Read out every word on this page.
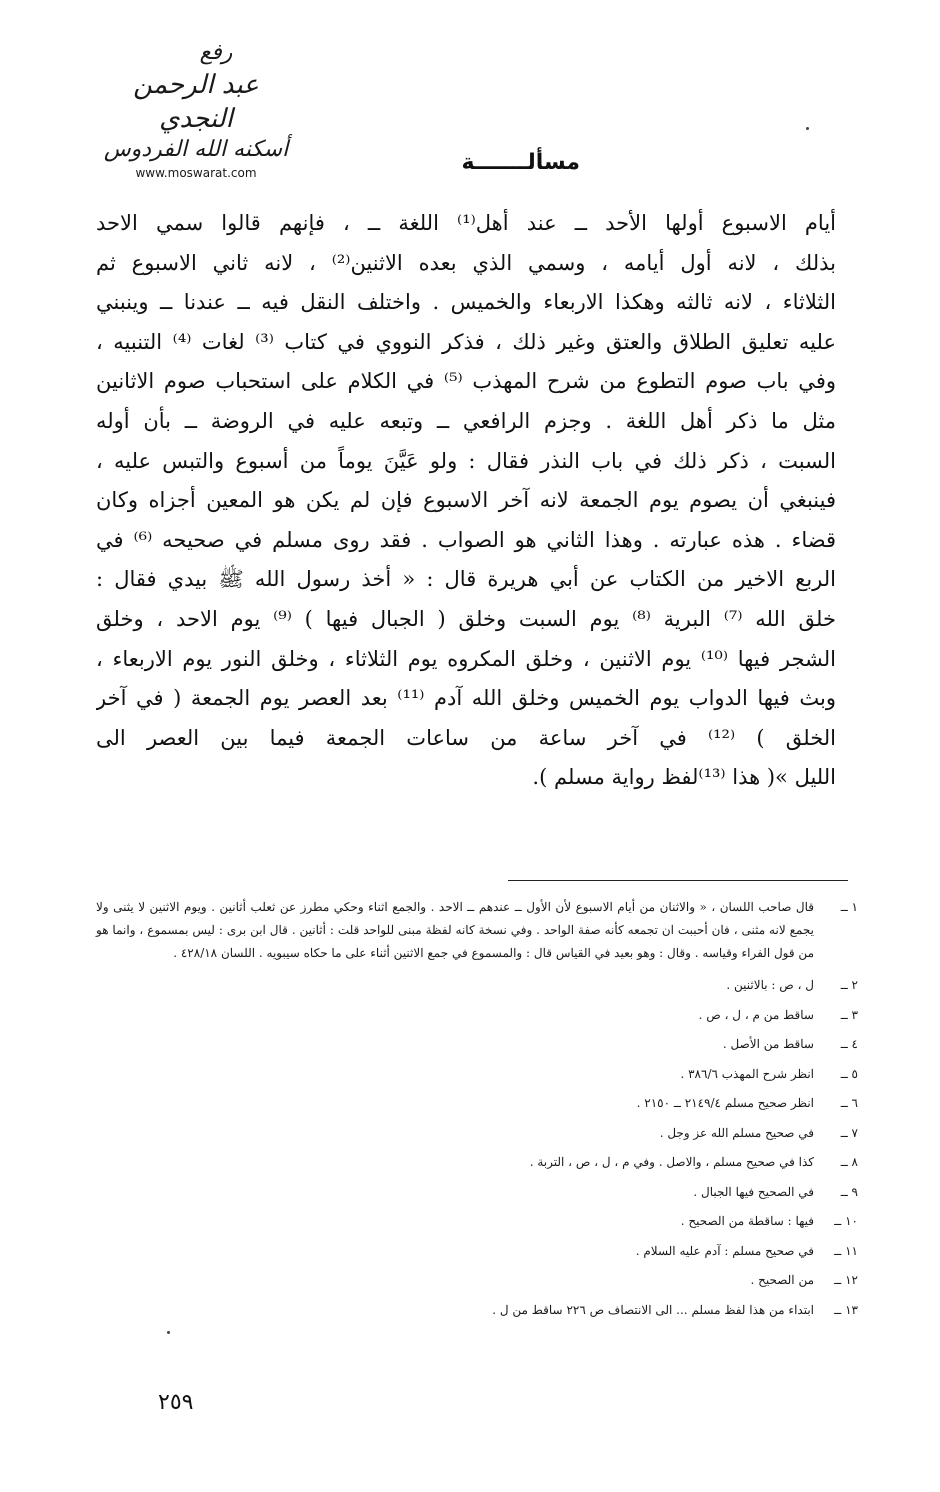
رفع
عبد الرحمن النجدي
أسكنه الله الفردوس
www.moswarat.com	مسألـــــــة
أيام الاسبوع أولها الأحد ــ عند أهل⁽¹⁾ اللغة ــ ، فإنهم قالوا سمي الاحد
بذلك ، لانه أول أيامه ، وسمي الذي بعده الاثنين⁽²⁾ ، لانه ثاني الاسبوع ثم
الثلاثاء ، لانه ثالثه وهكذا الاربعاء والخميس . واختلف النقل فيه ــ عندنا ــ وينبني
عليه تعليق الطلاق والعتق وغير ذلك ، فذكر النووي في كتاب ⁽³⁾ لغات ⁽⁴⁾ التنبيه ،
وفي باب صوم التطوع من شرح المهذب ⁽⁵⁾ في الكلام على استحباب صوم الاثانين
مثل ما ذكر أهل اللغة . وجزم الرافعي ــ وتبعه عليه في الروضة ــ بأن أوله
السبت ، ذكر ذلك في باب النذر فقال : ولو عَيَّنَ يوماً من أسبوع والتبس عليه ،
فينبغي أن يصوم يوم الجمعة لانه آخر الاسبوع فإن لم يكن هو المعين أجزاه وكان
قضاء . هذه عبارته . وهذا الثاني هو الصواب . فقد روى مسلم في صحيحه ⁽⁶⁾ في
الربع الاخير من الكتاب عن أبي هريرة قال : « أخذ رسول الله ﷺ بيدي فقال :
خلق الله ⁽⁷⁾ البرية ⁽⁸⁾ يوم السبت وخلق ( الجبال فيها ) ⁽⁹⁾ يوم الاحد ، وخلق
الشجر فيها ⁽¹⁰⁾ يوم الاثنين ، وخلق المكروه يوم الثلاثاء ، وخلق النور يوم الاربعاء ،
وبث فيها الدواب يوم الخميس وخلق الله آدم ⁽¹¹⁾ بعد العصر يوم الجمعة ( في آخر
الخلق ) ⁽¹²⁾ في آخر ساعة من ساعات الجمعة فيما بين العصر الى
الليل »( هذا ⁽¹³⁾لفظ رواية مسلم ).
١ ــ
قال صاحب اللسان ، « والاثنان من أيام الاسبوع لأن الأول ــ عندهم ــ الاحد . والجمع اثناء وحكي مطرز عن ثعلب أثانين . ويوم الاثنين لا يثنى ولا يجمع لانه مثنى ، فان أحببت ان تجمعه كأنه صفة الواحد . وفي نسخة كانه لفظة مبنى للواحد قلت : أثانين . قال ابن برى : ليس بمسموع ، وانما هو من قول الفراء وقياسه . وقال : وهو بعيد في القياس قال : والمسموع في جمع الاثنين أثناء على ما حكاه سيبويه . اللسان ٤٢٨/١٨ .
٢ ــ
ل ، ص : بالاثنين .
٣ ــ
ساقط من م ، ل ، ص .
٤ ــ
ساقط من الأصل .
٥ ــ
انظر شرح المهذب ٣٨٦/٦ .
٦ ــ
انظر صحيح مسلم ٢١٤٩/٤ ــ ٢١٥٠ .
٧ ــ
في صحيح مسلم الله عز وجل .
٨ ــ
كذا في صحيح مسلم ، والاصل . وفي م ، ل ، ص ، التربة .
٩ ــ
في الصحيح فيها الجبال .
١٠ ــ
فيها : ساقطة من الصحيح .
١١ ــ
في صحيح مسلم : آدم عليه السلام .
١٢ ــ
من الصحيح .
١٣ ــ
ابتداء من هذا لفظ مسلم ... الى الانتصاف ص ٢٢٦ ساقط من ل .
٢٥٩
